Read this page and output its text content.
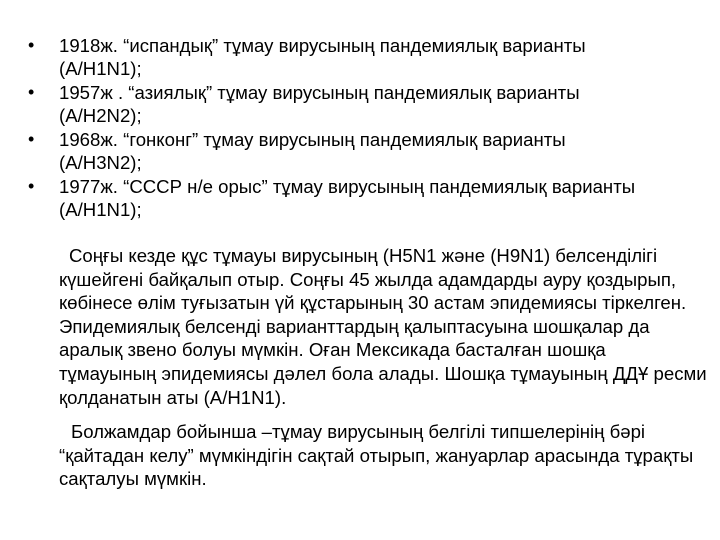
• 1918ж. “испандық” тұмау вирусының пандемиялық варианты
(A/H1N1);
• 1957ж . “азиялық” тұмау вирусының пандемиялық варианты
(A/H2N2);
• 1968ж. “гонконг” тұмау вирусының пандемиялық варианты
(A/H3N2);
• 1977ж. “СССР н/е орыс” тұмау вирусының пандемиялық варианты
(A/H1N1);

Соңғы кезде құс тұмауы вирусының (H5N1 және (H9N1) белсенділігі күшейгені байқалып отыр. Соңғы 45 жылда адамдарды ауру қоздырып, көбінесе өлім туғызатын үй құстарының 30 астам эпидемиясы тіркелген. Эпидемиялық белсенді варианттардың қалыптасуына шошқалар да аралық звено болуы мүмкін. Оған Мексикада басталған шошқа тұмауының эпидемиясы дәлел бола алады. Шошқа тұмауының ДДҰ ресми қолданатын аты (A/H1N1).

Болжамдар бойынша –тұмау вирусының белгілі типшелерінің бәрі “қайтадан келу” мүмкіндігін сақтай отырып, жануарлар арасында тұрақты сақталуы мүмкін.
